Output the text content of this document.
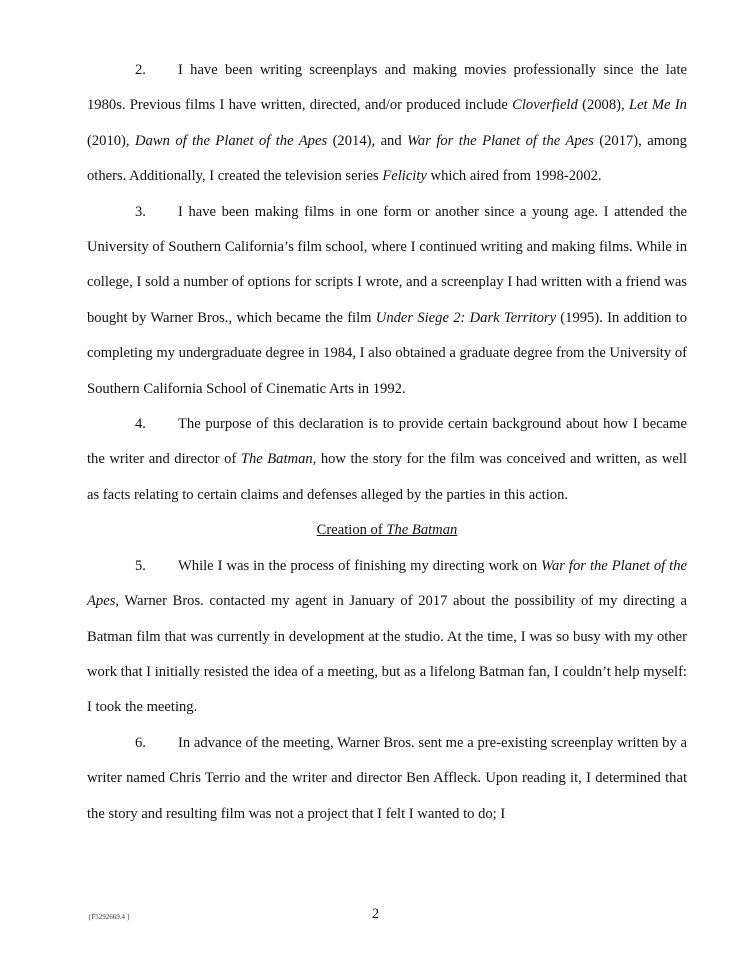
2. I have been writing screenplays and making movies professionally since the late 1980s. Previous films I have written, directed, and/or produced include Cloverfield (2008), Let Me In (2010), Dawn of the Planet of the Apes (2014), and War for the Planet of the Apes (2017), among others. Additionally, I created the television series Felicity which aired from 1998-2002.

3. I have been making films in one form or another since a young age. I attended the University of Southern California’s film school, where I continued writing and making films. While in college, I sold a number of options for scripts I wrote, and a screenplay I had written with a friend was bought by Warner Bros., which became the film Under Siege 2: Dark Territory (1995). In addition to completing my undergraduate degree in 1984, I also obtained a graduate degree from the University of Southern California School of Cinematic Arts in 1992.

4. The purpose of this declaration is to provide certain background about how I became the writer and director of The Batman, how the story for the film was conceived and written, as well as facts relating to certain claims and defenses alleged by the parties in this action.

Creation of The Batman

5. While I was in the process of finishing my directing work on War for the Planet of the Apes, Warner Bros. contacted my agent in January of 2017 about the possibility of my directing a Batman film that was currently in development at the studio. At the time, I was so busy with my other work that I initially resisted the idea of a meeting, but as a lifelong Batman fan, I couldn’t help myself: I took the meeting.

6. In advance of the meeting, Warner Bros. sent me a pre-existing screenplay written by a writer named Chris Terrio and the writer and director Ben Affleck. Upon reading it, I determined that the story and resulting film was not a project that I felt I wanted to do; I

{F5292669.4 }	2
